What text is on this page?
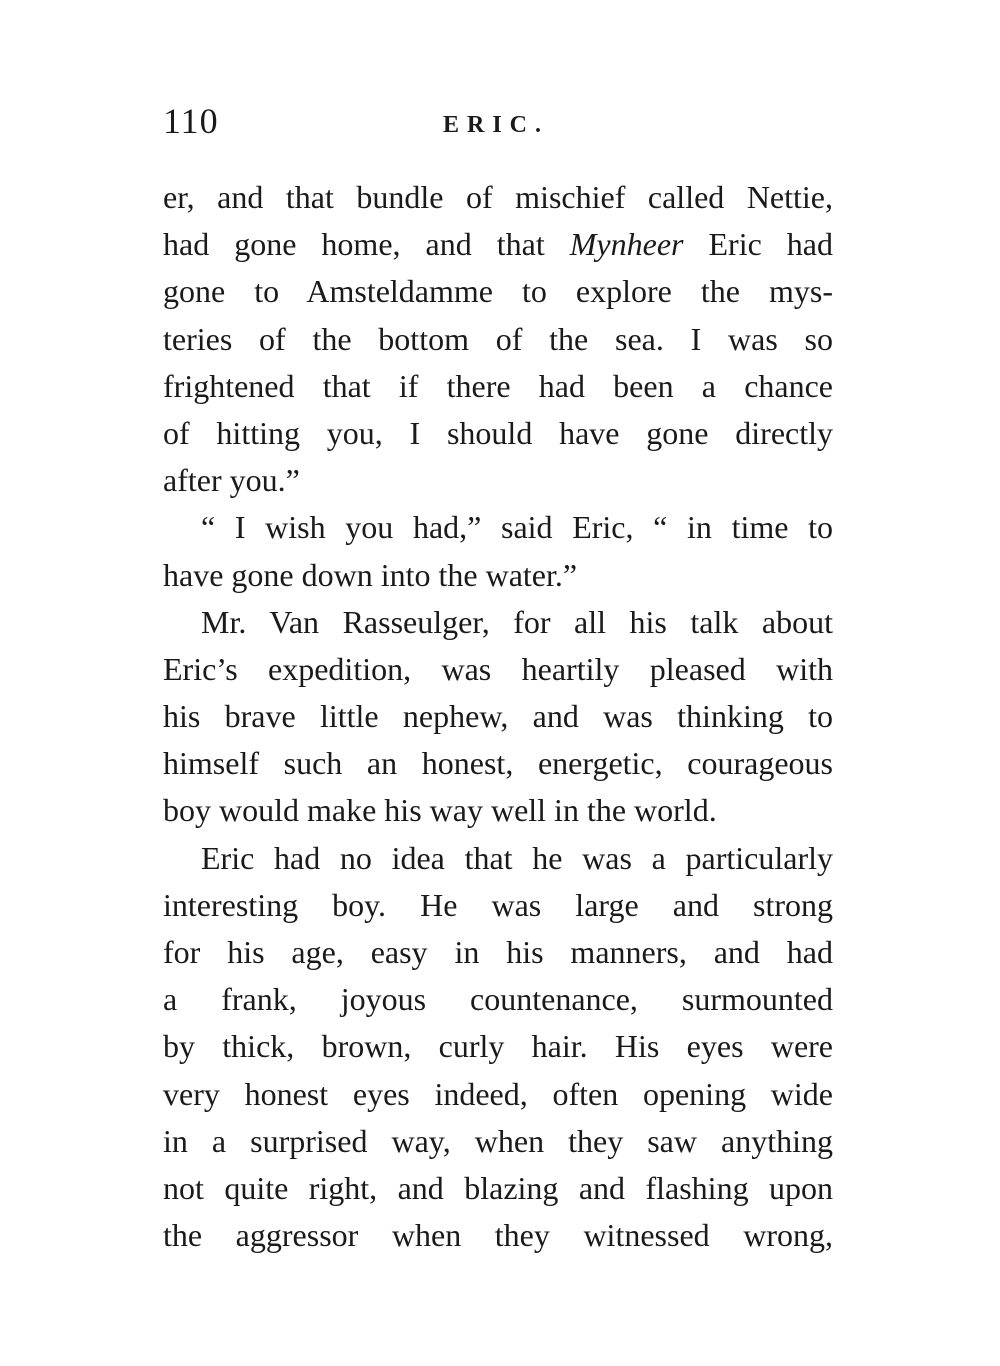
110	ERIC.
er, and that bundle of mischief called Nettie,
had gone home, and that Mynheer Eric had
gone to Amsteldamme to explore the mys-
teries of the bottom of the sea. I was so
frightened that if there had been a chance
of hitting you, I should have gone directly
after you.”
“ I wish you had,” said Eric, “ in time to
have gone down into the water.”
Mr. Van Rasseulger, for all his talk about
Eric’s expedition, was heartily pleased with
his brave little nephew, and was thinking to
himself such an honest, energetic, courageous
boy would make his way well in the world.
Eric had no idea that he was a particularly
interesting boy. He was large and strong
for his age, easy in his manners, and had
a frank, joyous countenance, surmounted
by thick, brown, curly hair. His eyes were
very honest eyes indeed, often opening wide
in a surprised way, when they saw anything
not quite right, and blazing and flashing upon
the aggressor when they witnessed wrong,
